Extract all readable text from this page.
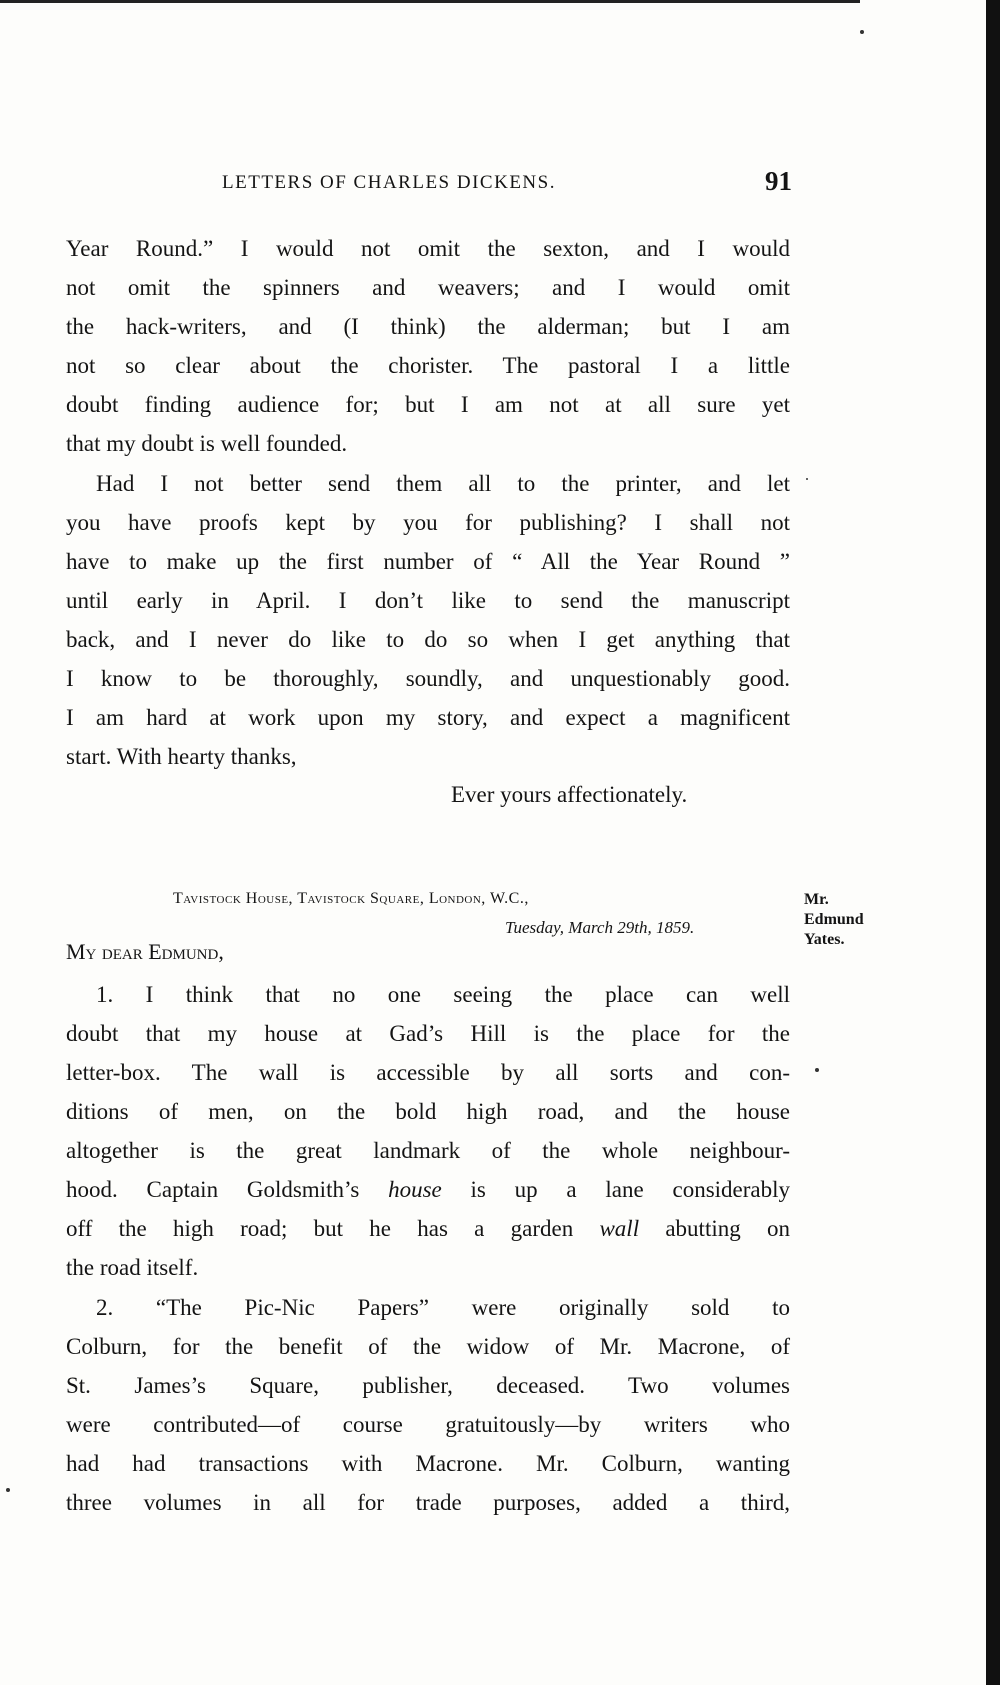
LETTERS OF CHARLES DICKENS.	91
Year Round.” I would not omit the sexton, and I would
not omit the spinners and weavers; and I would omit
the hack-writers, and (I think) the alderman; but I am
not so clear about the chorister. The pastoral I a little
doubt finding audience for; but I am not at all sure yet
that my doubt is well founded.
Had I not better send them all to the printer, and let
you have proofs kept by you for publishing? I shall not
have to make up the first number of “ All the Year Round ”
until early in April. I don’t like to send the manuscript
back, and I never do like to do so when I get anything that
I know to be thoroughly, soundly, and unquestionably good.
I am hard at work upon my story, and expect a magnificent
start. With hearty thanks,
Ever yours affectionately.
Tavistock House, Tavistock Square, London, W.C.,
Tuesday, March 29th, 1859.
My dear Edmund,
Mr.
Edmund
Yates.
1. I think that no one seeing the place can well
doubt that my house at Gad’s Hill is the place for the
letter-box. The wall is accessible by all sorts and con-
ditions of men, on the bold high road, and the house
altogether is the great landmark of the whole neighbour-
hood. Captain Goldsmith’s house is up a lane considerably
off the high road; but he has a garden wall abutting on
the road itself.
2. “The Pic-Nic Papers” were originally sold to
Colburn, for the benefit of the widow of Mr. Macrone, of
St. James’s Square, publisher, deceased. Two volumes
were contributed—of course gratuitously—by writers who
had had transactions with Macrone. Mr. Colburn, wanting
three volumes in all for trade purposes, added a third,
